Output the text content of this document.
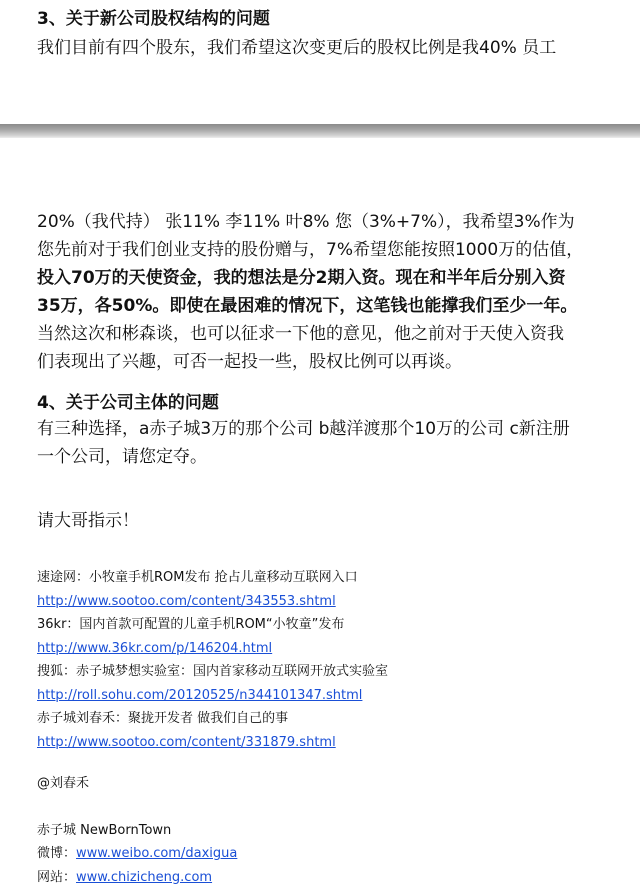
3、关于新公司股权结构的问题

我们目前有四个股东，我们希望这次变更后的股权比例是我40% 员工

20%（我代持） 张11% 李11% 叶8% 您（3%+7%），我希望3%作为

您先前对于我们创业支持的股份赠与，7%希望您能按照1000万的估值，

投入70万的天使资金，我的想法是分2期入资。现在和半年后分别入资

35万，各50%。即使在最困难的情况下，这笔钱也能撑我们至少一年。

当然这次和彬森谈，也可以征求一下他的意见，他之前对于天使入资我

们表现出了兴趣，可否一起投一些，股权比例可以再谈。

4、关于公司主体的问题

有三种选择，a赤子城3万的那个公司 b越洋渡那个10万的公司 c新注册

一个公司，请您定夺。

请大哥指示！

速途网：小牧童手机ROM发布 抢占儿童移动互联网入口

http://www.sootoo.com/content/343553.shtml

36kr：国内首款可配置的儿童手机ROM“小牧童”发布

http://www.36kr.com/p/146204.html

搜狐：赤子城梦想实验室：国内首家移动互联网开放式实验室

http://roll.sohu.com/20120525/n344101347.shtml

赤子城刘春禾：聚拢开发者 做我们自己的事

http://www.sootoo.com/content/331879.shtml

@刘春禾

赤子城 NewBornTown

微博：www.weibo.com/daxigua

网站：www.chizicheng.com
